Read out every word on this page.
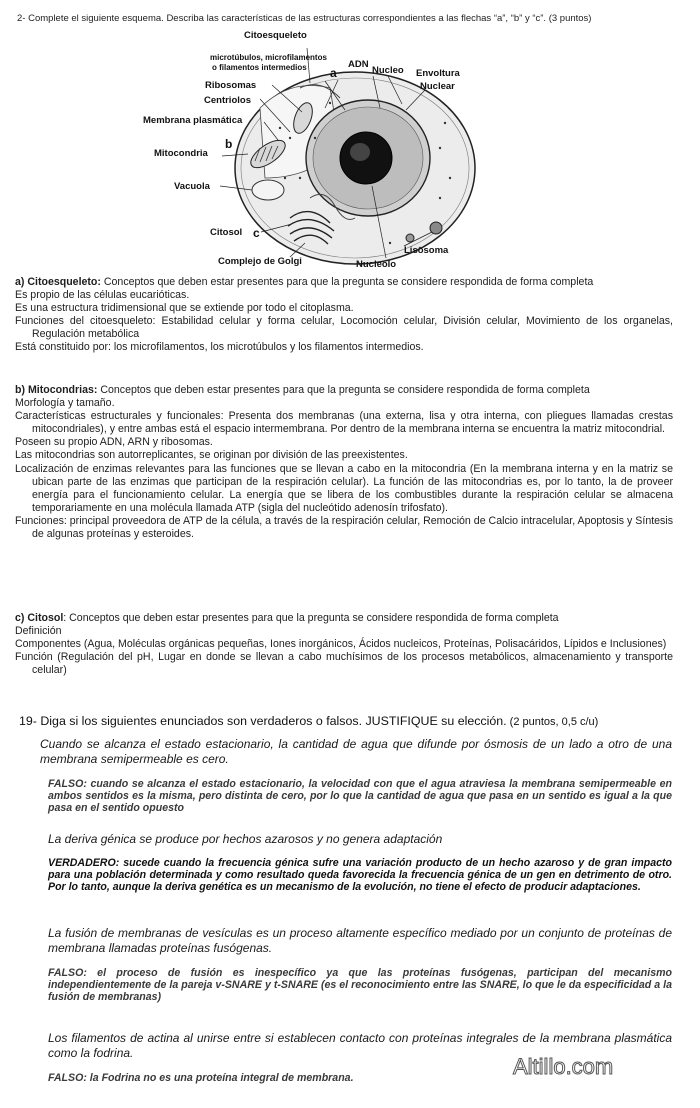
2- Complete el siguiente esquema. Describa las características de las estructuras correspondientes a las flechas “a”, “b” y “c”. (3 puntos)
Citoesqueleto
microtúbulos, microfilamentos
o filamentos intermedios	ADN
Nucleo Envoltura
Nuclear
a
Ribosomas
Centriolos
Membrana plasmática
b
Mitocondria
Vacuola
Citosol c
Complejo de Golgi	Nucleolo
Lisosoma

a) Citoesqueleto: Conceptos que deben estar presentes para que la pregunta se considere respondida de forma completa

Es propio de las células eucarióticas.

Es una estructura tridimensional que se extiende por todo el citoplasma.

Funciones del citoesqueleto: Estabilidad celular y forma celular, Locomoción celular, División celular, Movimiento de los organelas, Regulación metabólica

Está constituido por: los microfilamentos, los microtúbulos y los filamentos intermedios.

b) Mitocondrias: Conceptos que deben estar presentes para que la pregunta se considere respondida de forma completa

Morfología y tamaño.

Características estructurales y funcionales: Presenta dos membranas (una externa, lisa y otra interna, con pliegues llamadas crestas mitocondriales), y entre ambas está el espacio intermembrana. Por dentro de la membrana interna se encuentra la matriz mitocondrial.

Poseen su propio ADN, ARN y ribosomas.

Las mitocondrias son autorreplicantes, se originan por división de las preexistentes.

Localización de enzimas relevantes para las funciones que se llevan a cabo en la mitocondria (En la membrana interna y en la matriz se ubican parte de las enzimas que participan de la respiración celular). La función de las mitocondrias es, por lo tanto, la de proveer energía para el funcionamiento celular. La energía que se libera de los combustibles durante la respiración celular se almacena temporariamente en una molécula llamada ATP (sigla del nucleótido adenosín trifosfato).

Funciones: principal proveedora de ATP de la célula, a través de la respiración celular, Remoción de Calcio intracelular, Apoptosis y Síntesis de algunas proteínas y esteroides.

c) Citosol: Conceptos que deben estar presentes para que la pregunta se considere respondida de forma completa

Definición

Componentes (Agua, Moléculas orgánicas pequeñas, Iones inorgánicos, Ácidos nucleicos, Proteínas, Polisacáridos, Lípidos e Inclusiones)

Función (Regulación del pH, Lugar en donde se llevan a cabo muchísimos de los procesos metabólicos, almacenamiento y transporte celular)

19- Diga si los siguientes enunciados son verdaderos o falsos. JUSTIFIQUE su elección. (2 puntos, 0,5 c/u)
Cuando se alcanza el estado estacionario, la cantidad de agua que difunde por ósmosis de un lado a otro de una membrana semipermeable es cero.
FALSO: cuando se alcanza el estado estacionario, la velocidad con que el agua atraviesa la membrana semipermeable en ambos sentidos es la misma, pero distinta de cero, por lo que la cantidad de agua que pasa en un sentido es igual a la que pasa en el sentido opuesto
La deriva génica se produce por hechos azarosos y no genera adaptación
VERDADERO: sucede cuando la frecuencia génica sufre una variación producto de un hecho azaroso y de gran impacto para una población determinada y como resultado queda favorecida la frecuencia génica de un gen en detrimento de otro. Por lo tanto, aunque la deriva genética es un mecanismo de la evolución, no tiene el efecto de producir adaptaciones.
La fusión de membranas de vesículas es un proceso altamente específico mediado por un conjunto de proteínas de membrana llamadas proteínas fusógenas.
FALSO: el proceso de fusión es inespecífico ya que las proteínas fusógenas, participan del mecanismo independientemente de la pareja v-SNARE y t-SNARE (es el reconocimiento entre las SNARE, lo que le da especificidad a la fusión de membranas)
Los filamentos de actina al unirse entre si establecen contacto con proteínas integrales de la membrana plasmática como la fodrina.
FALSO: la Fodrina no es una proteína integral de membrana.	Altillo.com
